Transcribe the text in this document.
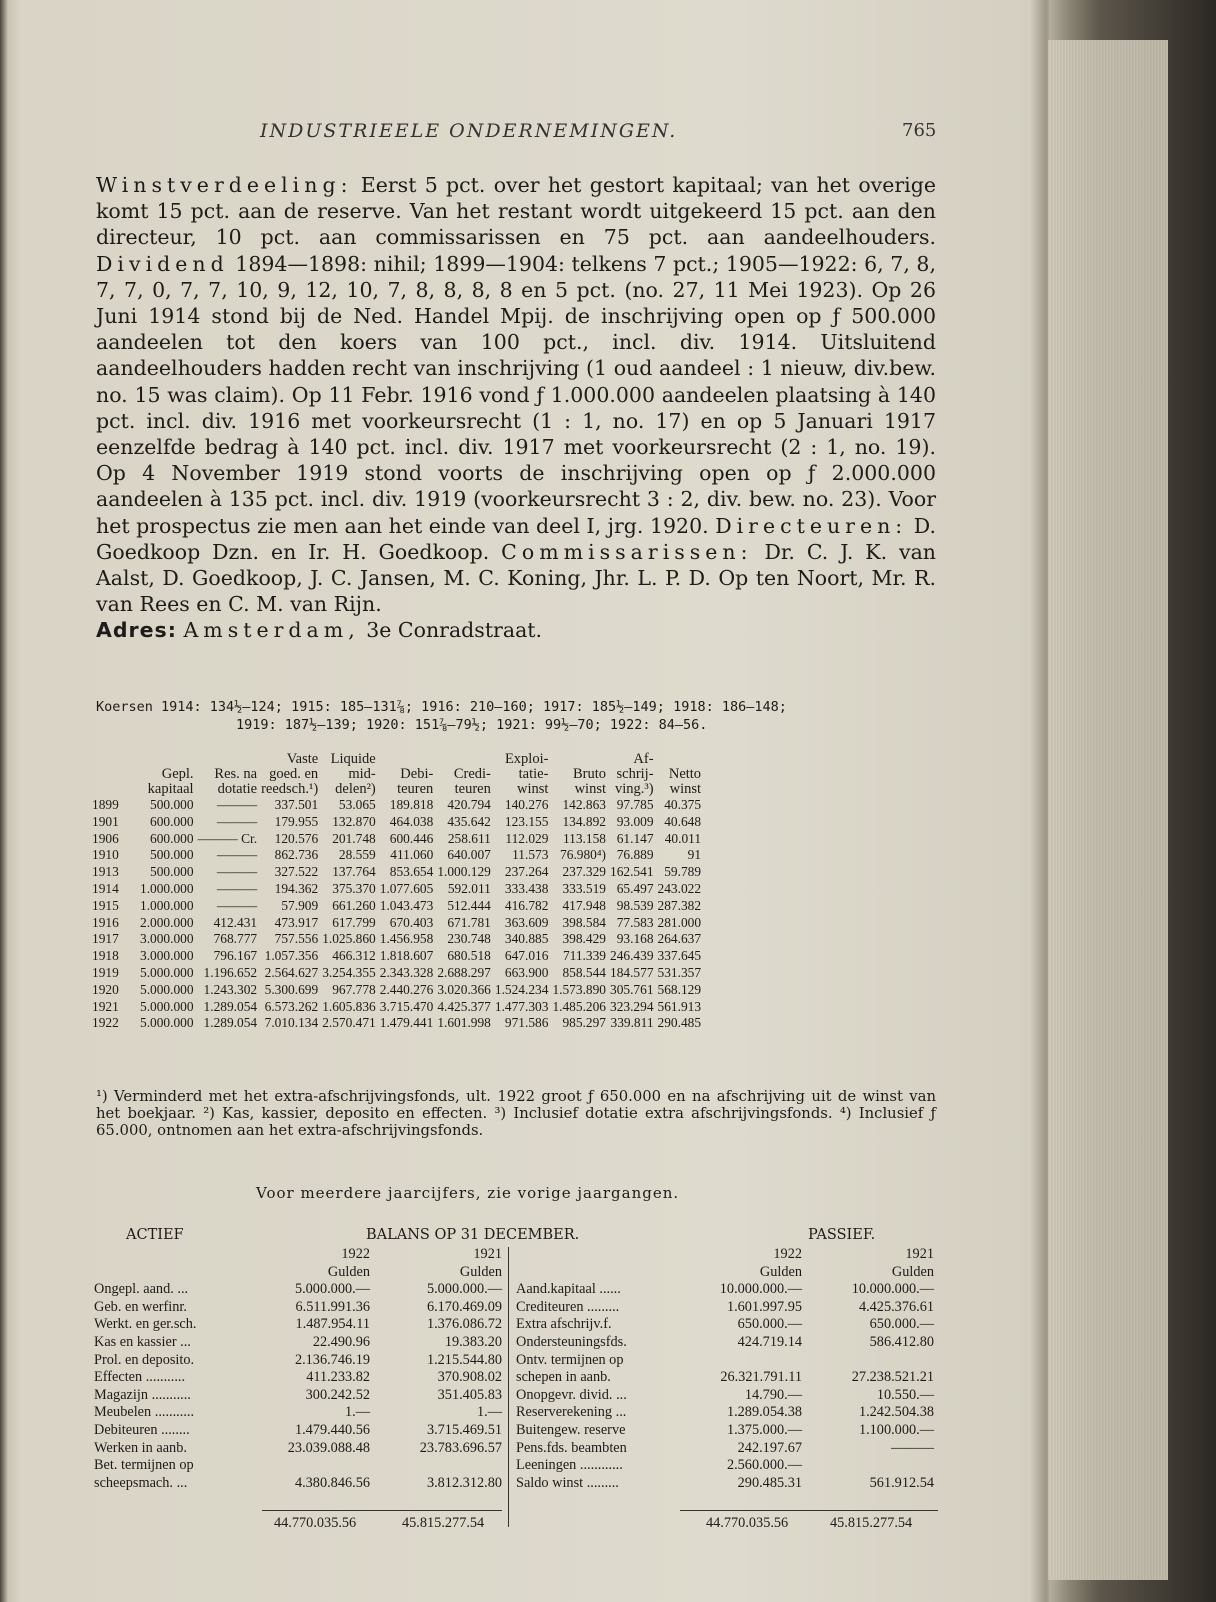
INDUSTRIEELE ONDERNEMINGEN.	765

Winstverdeeling: Eerst 5 pct. over het gestort kapitaal; van het overige komt 15 pct. aan de reserve. Van het restant wordt uitgekeerd 15 pct. aan den directeur, 10 pct. aan commissarissen en 75 pct. aan aandeelhouders. Dividend 1894—1898: nihil; 1899—1904: telkens 7 pct.; 1905—1922: 6, 7, 8, 7, 7, 0, 7, 7, 10, 9, 12, 10, 7, 8, 8, 8, 8 en 5 pct. (no. 27, 11 Mei 1923). Op 26 Juni 1914 stond bij de Ned. Handel Mpij. de inschrijving open op ƒ 500.000 aandeelen tot den koers van 100 pct., incl. div. 1914. Uitsluitend aandeelhouders hadden recht van inschrijving (1 oud aandeel : 1 nieuw, div.bew. no. 15 was claim). Op 11 Febr. 1916 vond ƒ 1.000.000 aandeelen plaatsing à 140 pct. incl. div. 1916 met voorkeursrecht (1 : 1, no. 17) en op 5 Januari 1917 eenzelfde bedrag à 140 pct. incl. div. 1917 met voorkeursrecht (2 : 1, no. 19). Op 4 November 1919 stond voorts de inschrijving open op ƒ 2.000.000 aandeelen à 135 pct. incl. div. 1919 (voorkeursrecht 3 : 2, div. bew. no. 23). Voor het prospectus zie men aan het einde van deel I, jrg. 1920. Directeuren: D. Goedkoop Dzn. en Ir. H. Goedkoop. Commissarissen: Dr. C. J. K. van Aalst, D. Goedkoop, J. C. Jansen, M. C. Koning, Jhr. L. P. D. Op ten Noort, Mr. R. van Rees en C. M. van Rijn.

Adres: Amsterdam, 3e Conradstraat.

Koersen 1914: 134½—124; 1915: 185—131⅞; 1916: 210—160; 1917: 185½—149; 1918: 186—148;
1919: 187½—139; 1920: 151⅞—79½; 1921: 99½—70; 1922: 84—56.
			Vaste	Liquide			Exploi-		Af-	
	Gepl.	Res. na	goed. en	mid-	Debi-	Credi-	tatie-	Bruto	schrij-	Netto
	kapitaal	dotatie	reedsch.¹)	delen²)	teuren	teuren	winst	winst	ving.³)	winst
1899	500.000	———	337.501	53.065	189.818	420.794	140.276	142.863	97.785	40.375
1901	600.000	———	179.955	132.870	464.038	435.642	123.155	134.892	93.009	40.648
1906	600.000	——— Cr.	120.576	201.748	600.446	258.611	112.029	113.158	61.147	40.011
1910	500.000	———	862.736	28.559	411.060	640.007	11.573	76.980⁴)	76.889	91
1913	500.000	———	327.522	137.764	853.654	1.000.129	237.264	237.329	162.541	59.789
1914	1.000.000	———	194.362	375.370	1.077.605	592.011	333.438	333.519	65.497	243.022
1915	1.000.000	———	57.909	661.260	1.043.473	512.444	416.782	417.948	98.539	287.382
1916	2.000.000	412.431	473.917	617.799	670.403	671.781	363.609	398.584	77.583	281.000
1917	3.000.000	768.777	757.556	1.025.860	1.456.958	230.748	340.885	398.429	93.168	264.637
1918	3.000.000	796.167	1.057.356	466.312	1.818.607	680.518	647.016	711.339	246.439	337.645
1919	5.000.000	1.196.652	2.564.627	3.254.355	2.343.328	2.688.297	663.900	858.544	184.577	531.357
1920	5.000.000	1.243.302	5.300.699	967.778	2.440.276	3.020.366	1.524.234	1.573.890	305.761	568.129
1921	5.000.000	1.289.054	6.573.262	1.605.836	3.715.470	4.425.377	1.477.303	1.485.206	323.294	561.913
1922	5.000.000	1.289.054	7.010.134	2.570.471	1.479.441	1.601.998	971.586	985.297	339.811	290.485

¹) Verminderd met het extra-afschrijvingsfonds, ult. 1922 groot ƒ 650.000 en na afschrijving uit de winst van het boekjaar. ²) Kas, kassier, deposito en effecten. ³) Inclusief dotatie extra afschrijvingsfonds. ⁴) Inclusief ƒ 65.000, ontnomen aan het extra-afschrijvingsfonds.

Voor meerdere jaarcijfers, zie vorige jaargangen.
ACTIEF	BALANS OP 31 DECEMBER.	PASSIEF.
	1922	1921
	Gulden	Gulden
Ongepl. aand. ...	5.000.000.—	5.000.000.—
Geb. en werfinr.	6.511.991.36	6.170.469.09
Werkt. en ger.sch.	1.487.954.11	1.376.086.72
Kas en kassier ...	22.490.96	19.383.20
Prol. en deposito.	2.136.746.19	1.215.544.80
Effecten ...........	411.233.82	370.908.02
Magazijn ...........	300.242.52	351.405.83
Meubelen ...........	1.—	1.—
Debiteuren ........	1.479.440.56	3.715.469.51
Werken in aanb.	23.039.088.48	23.783.696.57
Bet. termijnen op		
scheepsmach. ...	4.380.846.56	3.812.312.80
	1922	1921
	Gulden	Gulden
Aand.kapitaal ......	10.000.000.—	10.000.000.—
Crediteuren .........	1.601.997.95	4.425.376.61
Extra afschrijv.f.	650.000.—	650.000.—
Ondersteuningsfds.	424.719.14	586.412.80
Ontv. termijnen op		
schepen in aanb.	26.321.791.11	27.238.521.21
Onopgevr. divid. ...	14.790.—	10.550.—
Reserverekening ...	1.289.054.38	1.242.504.38
Buitengew. reserve	1.375.000.—	1.100.000.—
Pens.fds. beambten	242.197.67	———
Leeningen ............	2.560.000.—	
Saldo winst .........	290.485.31	561.912.54
44.770.035.56	45.815.277.54	44.770.035.56	45.815.277.54
